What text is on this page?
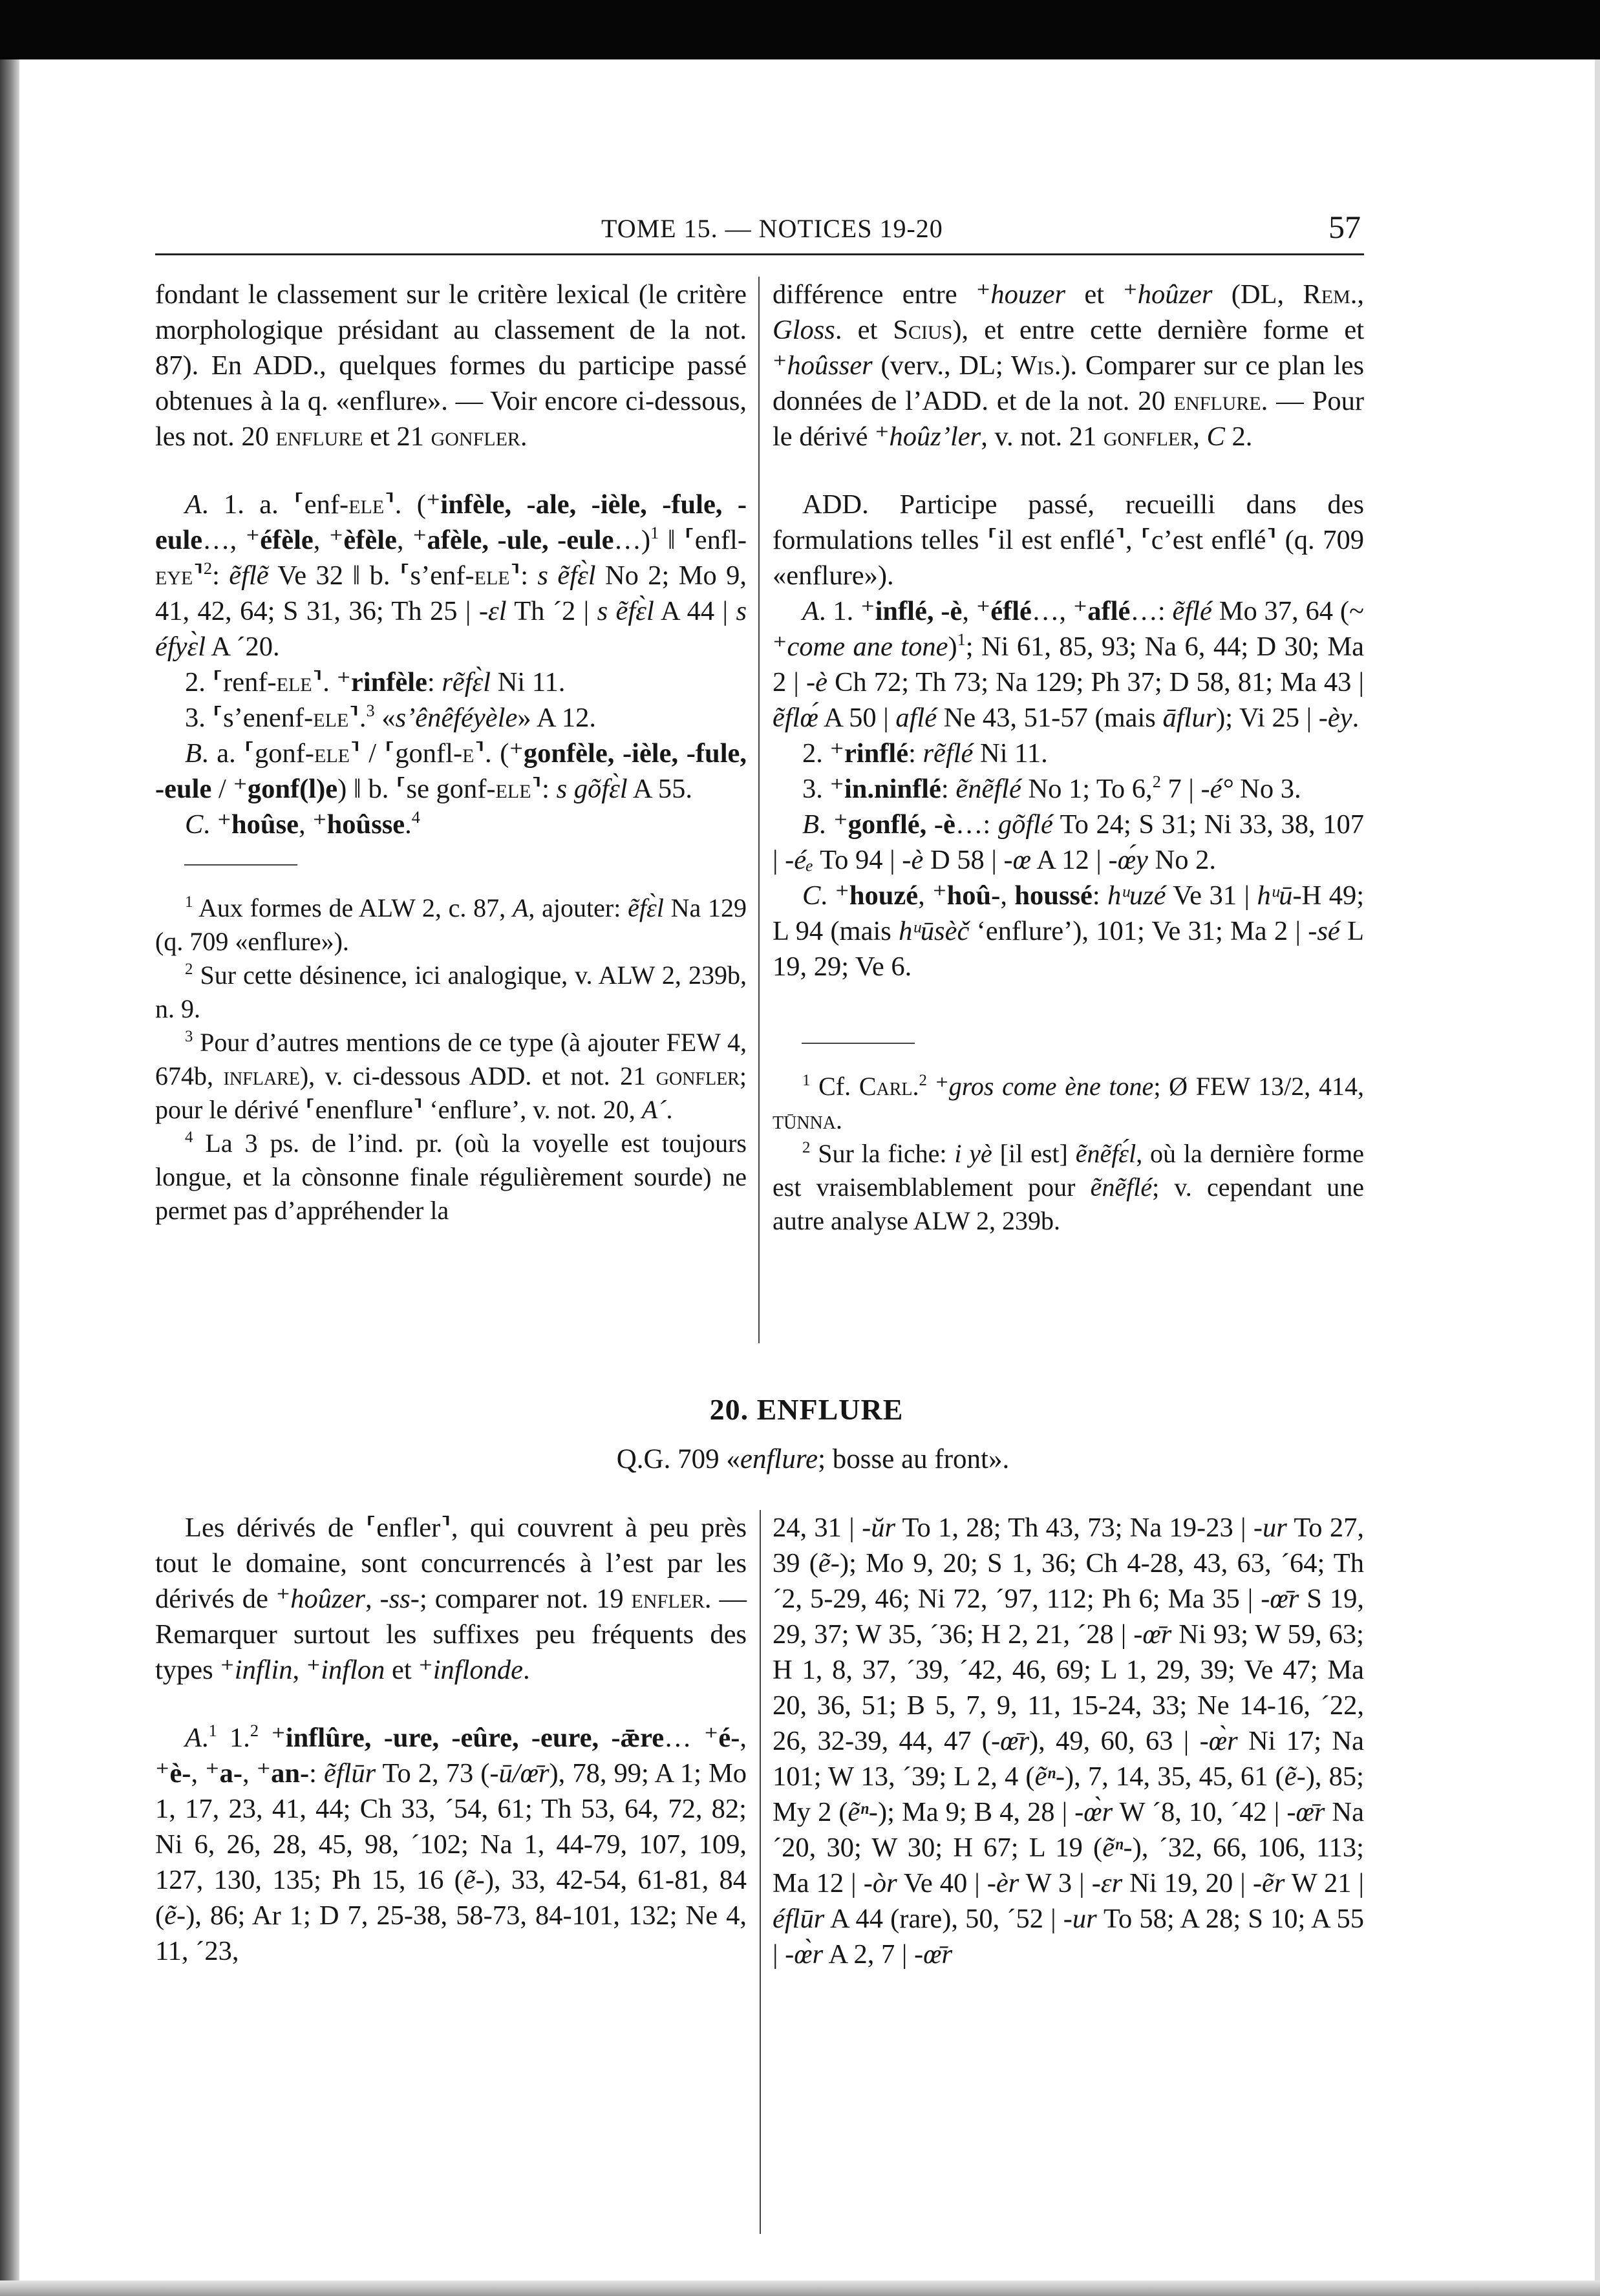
TOME 15. — NOTICES 19-20	57

fondant le classement sur le critère lexical (le critère morphologique présidant au classement de la not. 87). En ADD., quelques formes du participe passé obtenues à la q. «enflure». — Voir encore ci-dessous, les not. 20 enflure et 21 gonfler.

A. 1. a. ⸢enf-ele⸣. (⁺infèle, -ale, -ièle, -fule, -eule…, ⁺éfèle, ⁺èfèle, ⁺afèle, -ule, -eule…)$^1$ ‖ ⸢enfl-eye⸣$^2$: ẽflẽ Ve 32 ‖ b. ⸢s’enf-ele⸣: s ẽfɛ̀l No 2; Mo 9, 41, 42, 64; S 31, 36; Th 25 | -ɛl Th ´2 | s ẽfɛ̀l A 44 | s éfyɛ̀l A ´20.

2. ⸢renf-ele⸣. ⁺rinfèle: rẽfɛ̀l Ni 11.

3. ⸢s’enenf-ele⸣.$^3$ «s’ênêféyèle» A 12.

B. a. ⸢gonf-ele⸣ / ⸢gonfl-e⸣. (⁺gonfèle, -ièle, -fule, -eule / ⁺gonf(l)e) ‖ b. ⸢se gonf-ele⸣: s gõfɛ̀l A 55.

C. ⁺hoûse, ⁺hoûsse.$^4$

$^1$ Aux formes de ALW 2, c. 87, A, ajouter: ẽfɛ̀l Na 129 (q. 709 «enflure»).

$^2$ Sur cette désinence, ici analogique, v. ALW 2, 239b, n. 9.

$^3$ Pour d’autres mentions de ce type (à ajouter FEW 4, 674b, inflare), v. ci-dessous ADD. et not. 21 gonfler; pour le dérivé ⸢enenflure⸣ ‘enflure’, v. not. 20, A´.

$^4$ La 3 ps. de l’ind. pr. (où la voyelle est toujours longue, et la cònsonne finale régulièrement sourde) ne permet pas d’appréhender la

différence entre ⁺houzer et ⁺hoûzer (DL, Rem., Gloss. et Scius), et entre cette dernière forme et ⁺hoûsser (verv., DL; Wis.). Comparer sur ce plan les données de l’ADD. et de la not. 20 enflure. — Pour le dérivé ⁺hoûz’ler, v. not. 21 gonfler, C 2.

ADD. Participe passé, recueilli dans des formulations telles ⸢il est enflé⸣, ⸢c’est enflé⸣ (q. 709 «enflure»).

A. 1. ⁺inflé, -è, ⁺éflé…, ⁺aflé…: ẽflé Mo 37, 64 (~ ⁺come ane tone)$^1$; Ni 61, 85, 93; Na 6, 44; D 30; Ma 2 | -è Ch 72; Th 73; Na 129; Ph 37; D 58, 81; Ma 43 | ẽflœ́ A 50 | aflé Ne 43, 51-57 (mais āflur); Vi 25 | -èy.

2. ⁺rinflé: rẽflé Ni 11.

3. ⁺in.ninflé: ẽnẽflé No 1; To 6,$^2$ 7 | -é° No 3.

B. ⁺gonflé, -è…: gõflé To 24; S 31; Ni 33, 38, 107 | -éₑ To 94 | -è D 58 | -œ A 12 | -œ́y No 2.

C. ⁺houzé, ⁺hoû-, houssé: hᵘuzé Ve 31 | hᵘū-H 49; L 94 (mais hᵘūsèč ‘enflure’), 101; Ve 31; Ma 2 | -sé L 19, 29; Ve 6.

$^1$ Cf. Carl.$^2$ ⁺gros come ène tone; Ø FEW 13/2, 414, tūnna.

$^2$ Sur la fiche: i yè [il est] ẽnẽfɛ́l, où la dernière forme est vraisemblablement pour ẽnẽflé; v. cependant une autre analyse ALW 2, 239b.

20. ENFLURE
Q.G. 709 «enflure; bosse au front».

Les dérivés de ⸢enfler⸣, qui couvrent à peu près tout le domaine, sont concurrencés à l’est par les dérivés de ⁺hoûzer, -ss-; comparer not. 19 enfler. — Remarquer surtout les suffixes peu fréquents des types ⁺inflin, ⁺inflon et ⁺inflonde.

A.$^1$ 1.$^2$ ⁺inflûre, -ure, -eûre, -eure, -ǣre… ⁺é-, ⁺è-, ⁺a-, ⁺an-: ẽflūr To 2, 73 (-ū/œ̄r), 78, 99; A 1; Mo 1, 17, 23, 41, 44; Ch 33, ´54, 61; Th 53, 64, 72, 82; Ni 6, 26, 28, 45, 98, ´102; Na 1, 44-79, 107, 109, 127, 130, 135; Ph 15, 16 (ẽ-), 33, 42-54, 61-81, 84 (ẽ-), 86; Ar 1; D 7, 25-38, 58-73, 84-101, 132; Ne 4, 11, ´23,

24, 31 | -ŭr To 1, 28; Th 43, 73; Na 19-23 | -ur To 27, 39 (ẽ-); Mo 9, 20; S 1, 36; Ch 4-28, 43, 63, ´64; Th ´2, 5-29, 46; Ni 72, ´97, 112; Ph 6; Ma 35 | -œ̄r S 19, 29, 37; W 35, ´36; H 2, 21, ´28 | -œ̄r Ni 93; W 59, 63; H 1, 8, 37, ´39, ´42, 46, 69; L 1, 29, 39; Ve 47; Ma 20, 36, 51; B 5, 7, 9, 11, 15-24, 33; Ne 14-16, ´22, 26, 32-39, 44, 47 (-œ̄r), 49, 60, 63 | -œ̀r Ni 17; Na 101; W 13, ´39; L 2, 4 (ẽⁿ-), 7, 14, 35, 45, 61 (ẽ-), 85; My 2 (ẽⁿ-); Ma 9; B 4, 28 | -œ̀r W ´8, 10, ´42 | -œ̄r Na ´20, 30; W 30; H 67; L 19 (ẽⁿ-), ´32, 66, 106, 113; Ma 12 | -òr Ve 40 | -èr W 3 | -ɛr Ni 19, 20 | -ẽr W 21 | éflūr A 44 (rare), 50, ´52 | -ur To 58; A 28; S 10; A 55 | -œ̀r A 2, 7 | -œ̄r
